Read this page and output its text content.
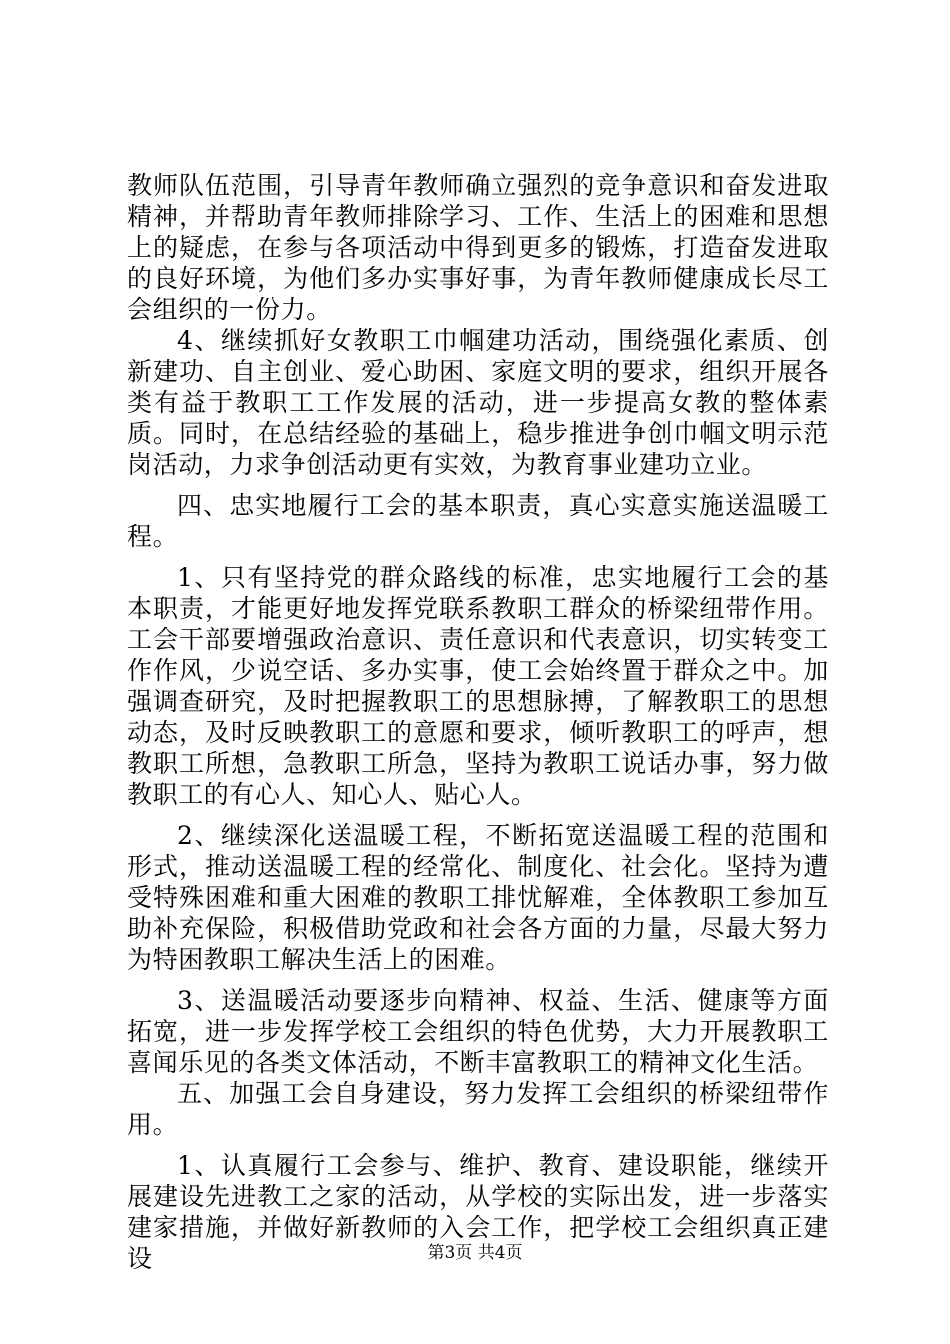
教师队伍范围，引导青年教师确立强烈的竞争意识和奋发进取精神，并帮助青年教师排除学习、工作、生活上的困难和思想上的疑虑，在参与各项活动中得到更多的锻炼，打造奋发进取的良好环境，为他们多办实事好事，为青年教师健康成长尽工会组织的一份力。

4、继续抓好女教职工巾帼建功活动，围绕强化素质、创新建功、自主创业、爱心助困、家庭文明的要求，组织开展各类有益于教职工工作发展的活动，进一步提高女教的整体素质。同时，在总结经验的基础上，稳步推进争创巾帼文明示范岗活动，力求争创活动更有实效，为教育事业建功立业。

四、忠实地履行工会的基本职责，真心实意实施送温暖工程。

1、只有坚持党的群众路线的标准，忠实地履行工会的基本职责，才能更好地发挥党联系教职工群众的桥梁纽带作用。工会干部要增强政治意识、责任意识和代表意识，切实转变工作作风，少说空话、多办实事，使工会始终置于群众之中。加强调查研究，及时把握教职工的思想脉搏，了解教职工的思想动态，及时反映教职工的意愿和要求，倾听教职工的呼声，想教职工所想，急教职工所急，坚持为教职工说话办事，努力做教职工的有心人、知心人、贴心人。

2、继续深化送温暖工程，不断拓宽送温暖工程的范围和形式，推动送温暖工程的经常化、制度化、社会化。坚持为遭受特殊困难和重大困难的教职工排忧解难，全体教职工参加互助补充保险，积极借助党政和社会各方面的力量，尽最大努力为特困教职工解决生活上的困难。

3、送温暖活动要逐步向精神、权益、生活、健康等方面拓宽，进一步发挥学校工会组织的特色优势，大力开展教职工喜闻乐见的各类文体活动，不断丰富教职工的精神文化生活。

五、加强工会自身建设，努力发挥工会组织的桥梁纽带作用。

1、认真履行工会参与、维护、教育、建设职能，继续开展建设先进教工之家的活动，从学校的实际出发，进一步落实建家措施，并做好新教师的入会工作，把学校工会组织真正建设	第3页 共4页
